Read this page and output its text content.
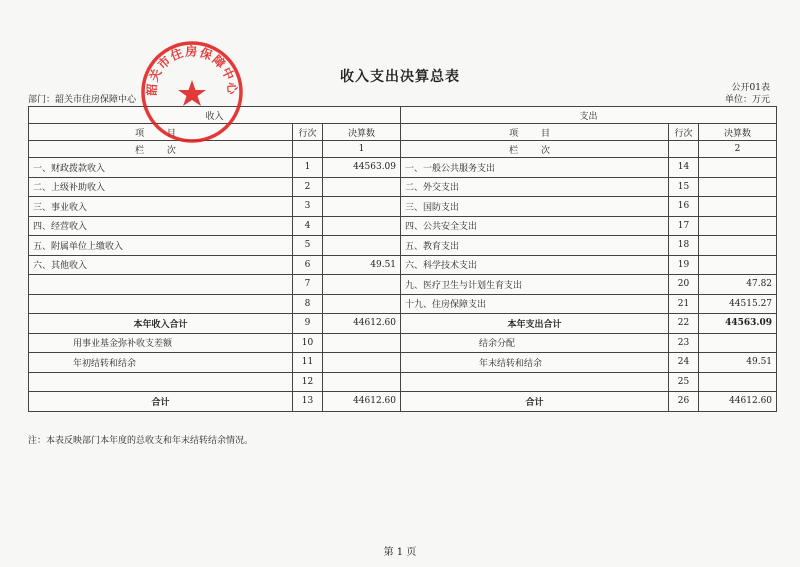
收入支出决算总表
公开01表
部门：韶关市住房保障中心	单位：万元
收入			支出		
项 目	行次	决算数	项 目	行次	决算数
栏 次		1	栏 次		2
一、财政拨款收入	1	44563.09	一、一般公共服务支出	14	
二、上级补助收入	2		二、外交支出	15	
三、事业收入	3		三、国防支出	16	
四、经营收入	4		四、公共安全支出	17	
五、附属单位上缴收入	5		五、教育支出	18	
六、其他收入	6	49.51	六、科学技术支出	19	
	7		九、医疗卫生与计划生育支出	20	47.82
	8		十九、住房保障支出	21	44515.27
本年收入合计	9	44612.60	本年支出合计	22	44563.09
用事业基金弥补收支差额	10		结余分配	23	
年初结转和结余	11		年末结转和结余	24	49.51
	12			25	
合计	13	44612.60	合计	26	44612.60
注：本表反映部门本年度的总收支和年末结转结余情况。
第 1 页
韶关市住房保障中心
